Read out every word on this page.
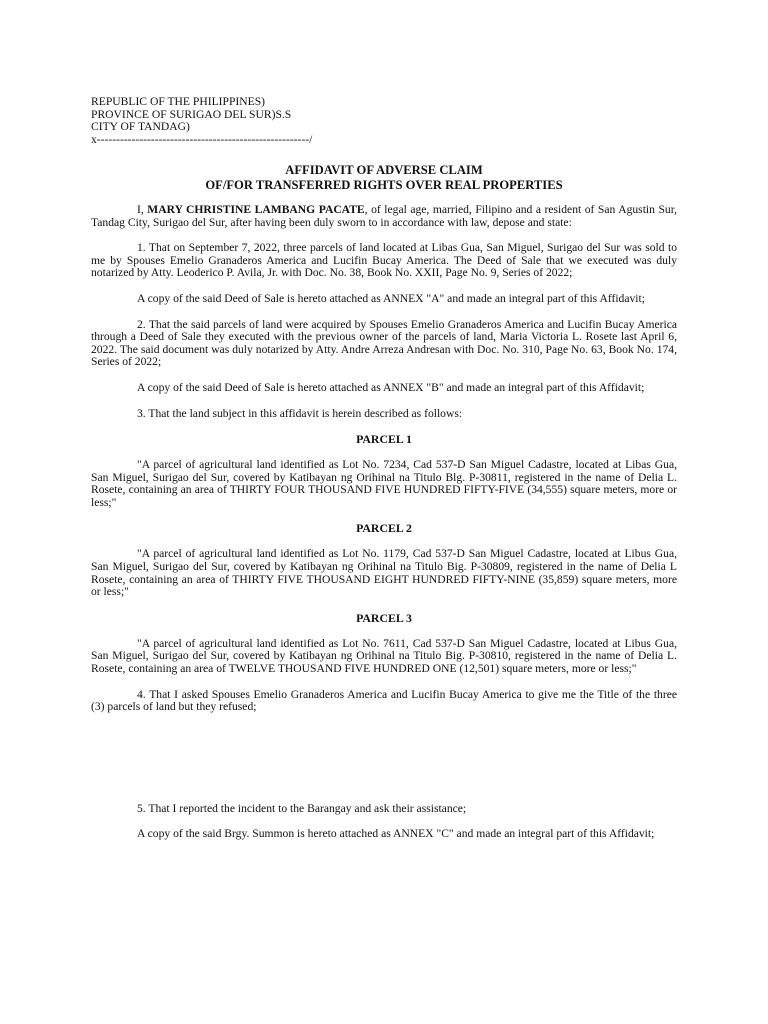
REPUBLIC OF THE PHILIPPINES)

PROVINCE OF SURIGAO DEL SUR)S.S

CITY OF TANDAG)

x-------------------------------------------------------/

AFFIDAVIT OF ADVERSE CLAIM
OF/FOR TRANSFERRED RIGHTS OVER REAL PROPERTIES

I, MARY CHRISTINE LAMBANG PACATE, of legal age, married, Filipino and a resident of San Agustin Sur, Tandag City, Surigao del Sur, after having been duly sworn to in accordance with law, depose and state:

1. That on September 7, 2022, three parcels of land located at Libas Gua, San Miguel, Surigao del Sur was sold to me by Spouses Emelio Granaderos America and Lucifin Bucay America. The Deed of Sale that we executed was duly notarized by Atty. Leoderico P. Avila, Jr. with Doc. No. 38, Book No. XXII, Page No. 9, Series of 2022;

A copy of the said Deed of Sale is hereto attached as ANNEX "A" and made an integral part of this Affidavit;

2. That the said parcels of land were acquired by Spouses Emelio Granaderos America and Lucifin Bucay America through a Deed of Sale they executed with the previous owner of the parcels of land, Maria Victoria L. Rosete last April 6, 2022. The said document was duly notarized by Atty. Andre Arreza Andresan with Doc. No. 310, Page No. 63, Book No. 174, Series of 2022;

A copy of the said Deed of Sale is hereto attached as ANNEX "B" and made an integral part of this Affidavit;

3. That the land subject in this affidavit is herein described as follows:

PARCEL 1

"A parcel of agricultural land identified as Lot No. 7234, Cad 537-D San Miguel Cadastre, located at Libas Gua, San Miguel, Surigao del Sur, covered by Katibayan ng Orihinal na Titulo Blg. P-30811, registered in the name of Delia L. Rosete, containing an area of THIRTY FOUR THOUSAND FIVE HUNDRED FIFTY-FIVE (34,555) square meters, more or less;"

PARCEL 2

"A parcel of agricultural land identified as Lot No. 1179, Cad 537-D San Miguel Cadastre, located at Libus Gua, San Miguel, Surigao del Sur, covered by Katibayan ng Orihinal na Titulo Big. P-30809, registered in the name of Delia L Rosete, containing an area of THIRTY FIVE THOUSAND EIGHT HUNDRED FIFTY-NINE (35,859) square meters, more or less;"

PARCEL 3

"A parcel of agricultural land identified as Lot No. 7611, Cad 537-D San Miguel Cadastre, located at Libus Gua, San Miguel, Surigao del Sur, covered by Katibayan ng Orihinal na Titulo Big. P-30810, registered in the name of Delia L. Rosete, containing an area of TWELVE THOUSAND FIVE HUNDRED ONE (12,501) square meters, more or less;"

4. That I asked Spouses Emelio Granaderos America and Lucifin Bucay America to give me the Title of the three (3) parcels of land but they refused;

5. That I reported the incident to the Barangay and ask their assistance;

A copy of the said Brgy. Summon is hereto attached as ANNEX "C" and made an integral part of this Affidavit;
